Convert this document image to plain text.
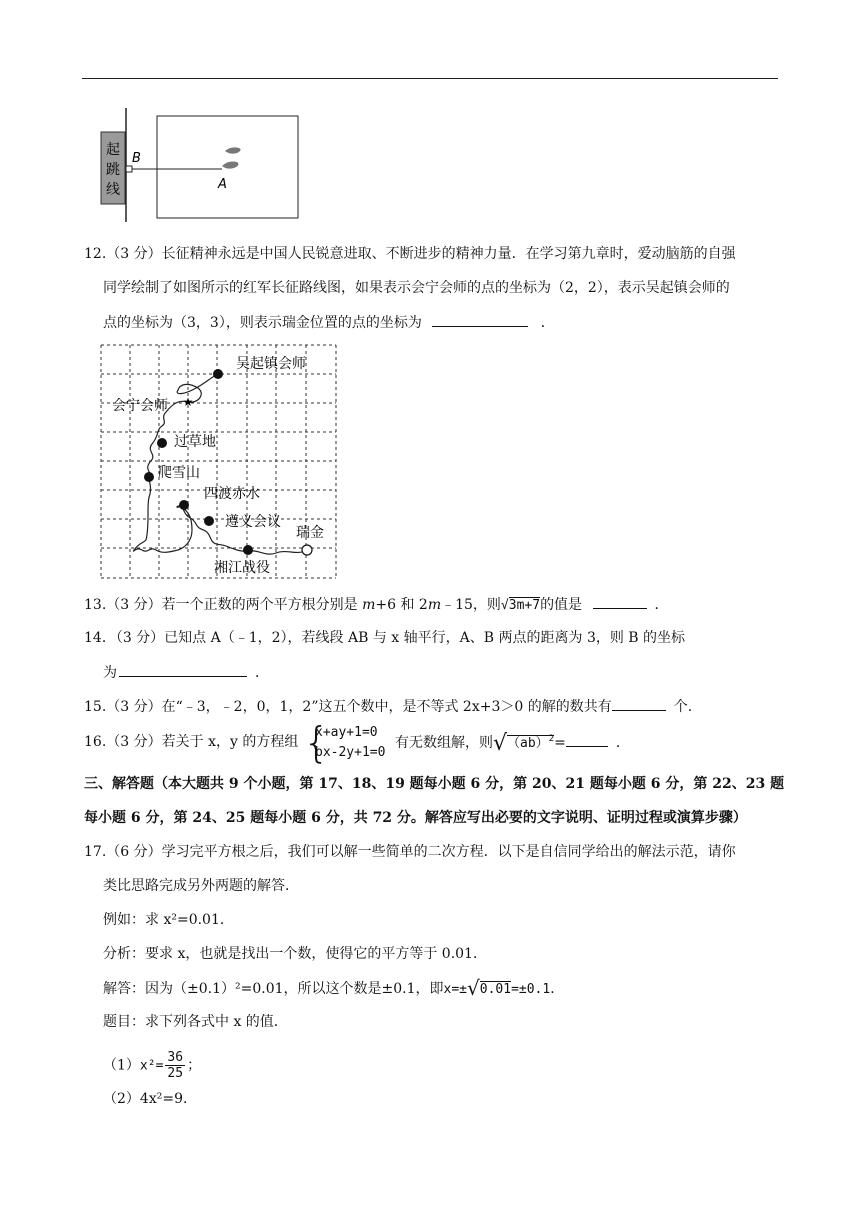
起
跳
线
B
A
12.（3 分）长征精神永远是中国人民锐意进取、不断进步的精神力量．在学习第九章时，爱动脑筋的自强
同学绘制了如图所示的红军长征路线图，如果表示会宁会师的点的坐标为（2，2），表示吴起镇会师的
点的坐标为（3，3），则表示瑞金位置的点的坐标为	．
★
吴起镇会师
会宁会师
过草地
爬雪山
四渡赤水
遵义会议
瑞金
湘江战役
13.（3 分）若一个正数的两个平方根分别是 m+6 和 2m﹣15，则√3m+7的值是	．
14．（3 分）已知点 A（﹣1，2），若线段 AB 与 x 轴平行，A、B 两点的距离为 3，则 B 的坐标
为	．
15.（3 分）在“﹣3，﹣2，0，1，2”这五个数中，是不等式 2x+3＞0 的解的数共有	个.
16.（3 分）若关于 x，y 的方程组 {
x+ay+1=0
bx-2y+1=0
有无数组解，则√（ab）$^2$=	．
三、解答题（本大题共 9 个小题，第 17、18、19 题每小题 6 分，第 20、21 题每小题 6 分，第 22、23 题
每小题 6 分，第 24、25 题每小题 6 分，共 72 分。解答应写出必要的文字说明、证明过程或演算步骤）
17.（6 分）学习完平方根之后，我们可以解一些简单的二次方程．以下是自信同学给出的解法示范，请你
类比思路完成另外两题的解答．
例如：求 x²=0.01．
分析：要求 x，也就是找出一个数，使得它的平方等于 0.01．
解答：因为（±0.1）²=0.01，所以这个数是±0.1，即x=±√0.01=±0.1．
题目：求下列各式中 x 的值．
$(1)x^2= \frac{36}{25}$ ；
（2）4x²=9．
